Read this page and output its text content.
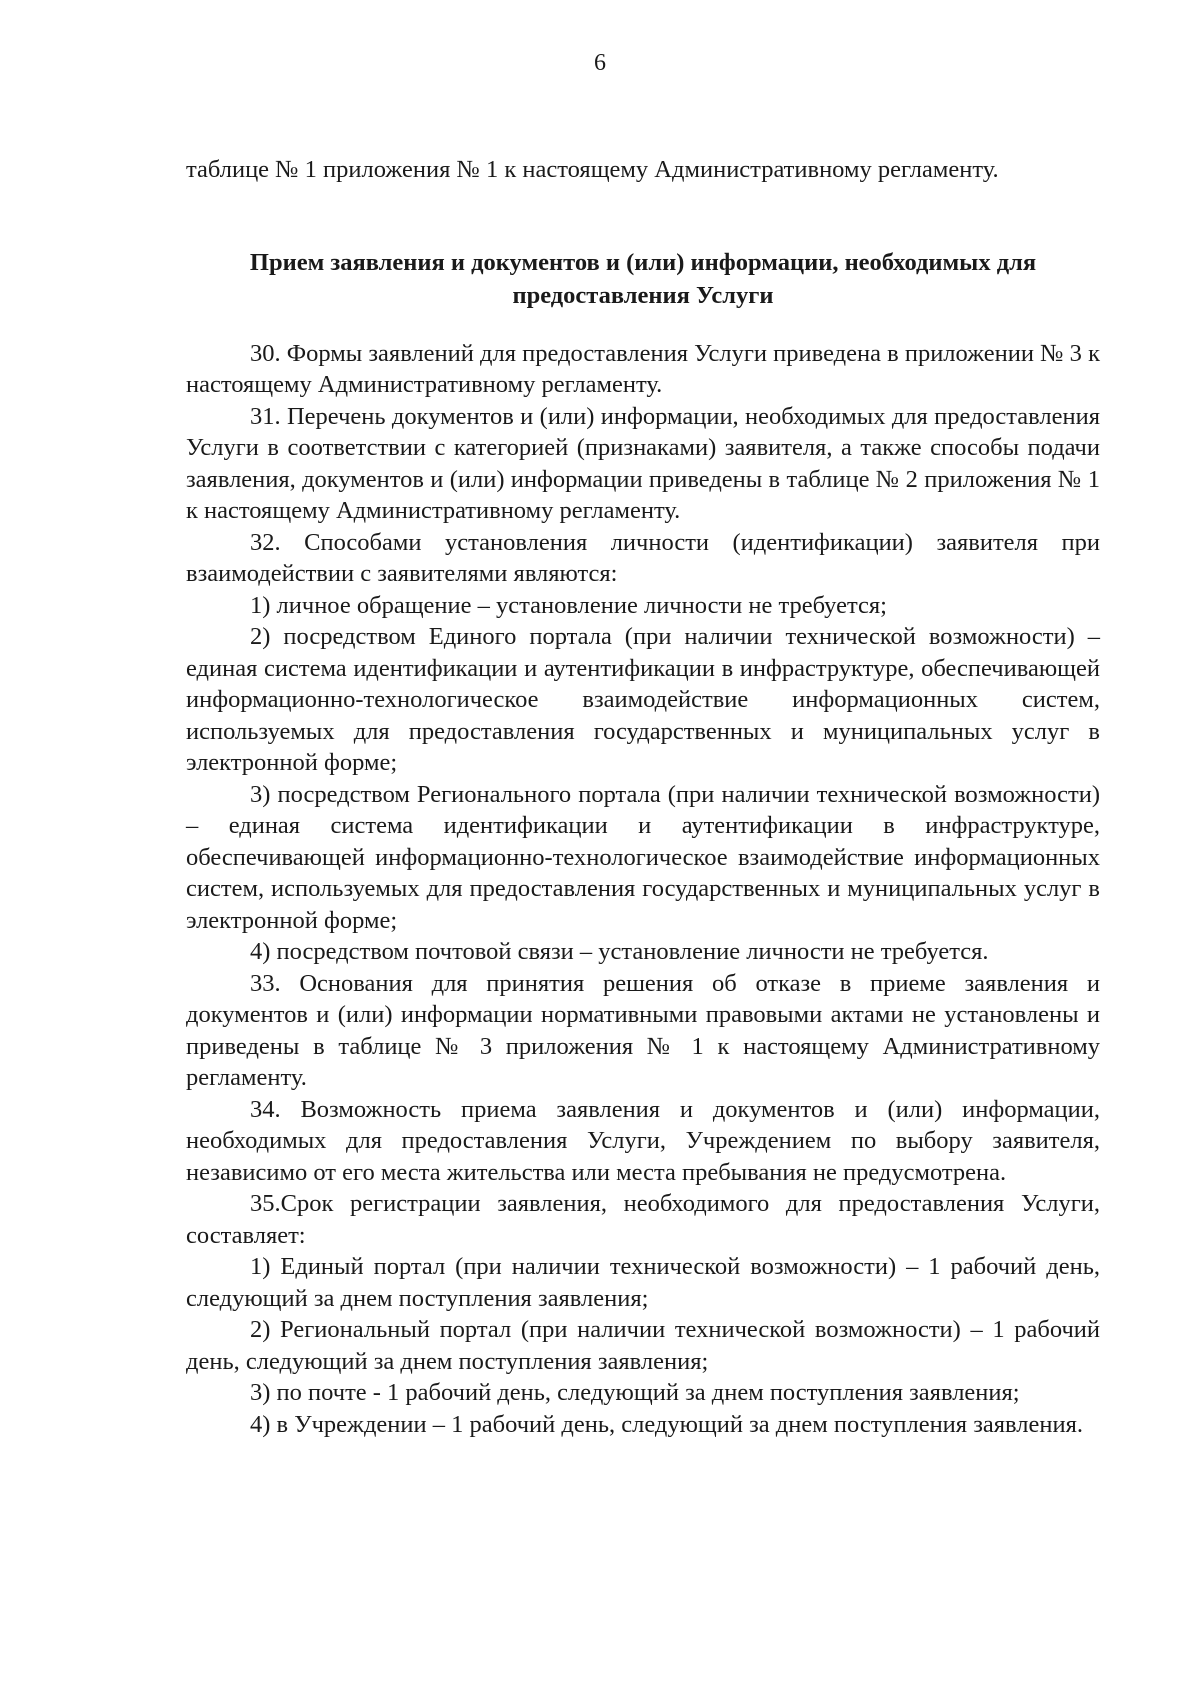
6

таблице № 1 приложения № 1 к настоящему Административному регламенту.

Прием заявления и документов и (или) информации, необходимых для предоставления Услуги

30. Формы заявлений для предоставления Услуги приведена в приложении № 3 к настоящему Административному регламенту.

31. Перечень документов и (или) информации, необходимых для предоставления Услуги в соответствии с категорией (признаками) заявителя, а также способы подачи заявления, документов и (или) информации приведены в таблице № 2 приложения № 1 к настоящему Административному регламенту.

32. Способами установления личности (идентификации) заявителя при взаимодействии с заявителями являются:

1) личное обращение – установление личности не требуется;

2) посредством Единого портала (при наличии технической возможности) – единая система идентификации и аутентификации в инфраструктуре, обеспечивающей информационно-технологическое взаимодействие информационных систем, используемых для предоставления государственных и муниципальных услуг в электронной форме;

3) посредством Регионального портала (при наличии технической возможности) – единая система идентификации и аутентификации в инфраструктуре, обеспечивающей информационно-технологическое взаимодействие информационных систем, используемых для предоставления государственных и муниципальных услуг в электронной форме;

4) посредством почтовой связи – установление личности не требуется.

33. Основания для принятия решения об отказе в приеме заявления и документов и (или) информации нормативными правовыми актами не установлены и приведены в таблице № 3 приложения № 1 к настоящему Административному регламенту.

34. Возможность приема заявления и документов и (или) информации, необходимых для предоставления Услуги, Учреждением по выбору заявителя, независимо от его места жительства или места пребывания не предусмотрена.

35.Срок регистрации заявления, необходимого для предоставления Услуги, составляет:

1) Единый портал (при наличии технической возможности) – 1 рабочий день, следующий за днем поступления заявления;

2) Региональный портал (при наличии технической возможности) – 1 рабочий день, следующий за днем поступления заявления;

3) по почте - 1 рабочий день, следующий за днем поступления заявления;

4) в Учреждении – 1 рабочий день, следующий за днем поступления заявления.
